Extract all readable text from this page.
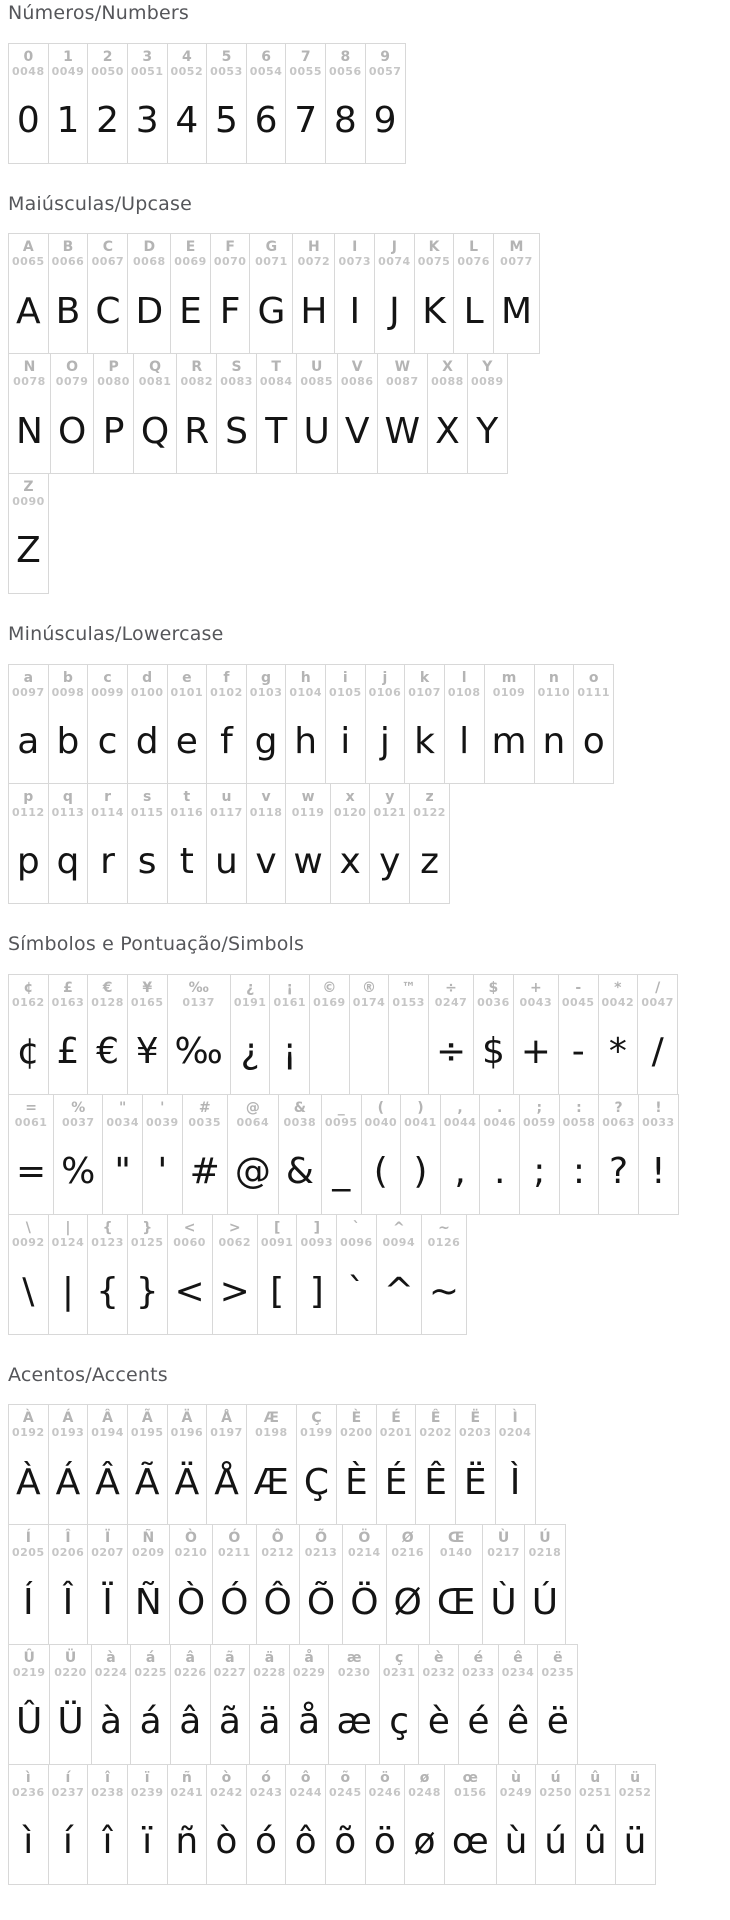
Números/Numbers
0
0048
0
1
0049
1
2
0050
2
3
0051
3
4
0052
4
5
0053
5
6
0054
6
7
0055
7
8
0056
8
9
0057
9
Maiúsculas/Upcase
A
0065
A
B
0066
B
C
0067
C
D
0068
D
E
0069
E
F
0070
F
G
0071
G
H
0072
H
I
0073
I
J
0074
J
K
0075
K
L
0076
L
M
0077
M
N
0078
N
O
0079
O
P
0080
P
Q
0081
Q
R
0082
R
S
0083
S
T
0084
T
U
0085
U
V
0086
V
W
0087
W
X
0088
X
Y
0089
Y
Z
0090
Z
Minúsculas/Lowercase
a
0097
a
b
0098
b
c
0099
c
d
0100
d
e
0101
e
f
0102
f
g
0103
g
h
0104
h
i
0105
i
j
0106
j
k
0107
k
l
0108
l
m
0109
m
n
0110
n
o
0111
o
p
0112
p
q
0113
q
r
0114
r
s
0115
s
t
0116
t
u
0117
u
v
0118
v
w
0119
w
x
0120
x
y
0121
y
z
0122
z
Símbolos e Pontuação/Simbols
¢
0162
¢
£
0163
£
€
0128
€
¥
0165
¥
‰
0137
‰
¿
0191
¿
¡
0161
¡
©
0169
®
0174
™
0153
÷
0247
÷
$
0036
$
+
0043
+
-
0045
-
*
0042
*
/
0047
/
=
0061
=
%
0037
%
"
0034
"
'
0039
'
#
0035
#
@
0064
@
&
0038
&
_
0095
_
(
0040
(
)
0041
)
,
0044
,
.
0046
.
;
0059
;
:
0058
:
?
0063
?
!
0033
!
\
0092
\
|
0124
|
{
0123
{
}
0125
}
<
0060
<
>
0062
>
[
0091
[
]
0093
]
`
0096
`
^
0094
^
~
0126
~
Acentos/Accents
À
0192
À
Á
0193
Á
Â
0194
Â
Ã
0195
Ã
Ä
0196
Ä
Å
0197
Å
Æ
0198
Æ
Ç
0199
Ç
È
0200
È
É
0201
É
Ê
0202
Ê
Ë
0203
Ë
Ì
0204
Ì
Í
0205
Í
Î
0206
Î
Ï
0207
Ï
Ñ
0209
Ñ
Ò
0210
Ò
Ó
0211
Ó
Ô
0212
Ô
Õ
0213
Õ
Ö
0214
Ö
Ø
0216
Ø
Œ
0140
Œ
Ù
0217
Ù
Ú
0218
Ú
Û
0219
Û
Ü
0220
Ü
à
0224
à
á
0225
á
â
0226
â
ã
0227
ã
ä
0228
ä
å
0229
å
æ
0230
æ
ç
0231
ç
è
0232
è
é
0233
é
ê
0234
ê
ë
0235
ë
ì
0236
ì
í
0237
í
î
0238
î
ï
0239
ï
ñ
0241
ñ
ò
0242
ò
ó
0243
ó
ô
0244
ô
õ
0245
õ
ö
0246
ö
ø
0248
ø
œ
0156
œ
ù
0249
ù
ú
0250
ú
û
0251
û
ü
0252
ü
